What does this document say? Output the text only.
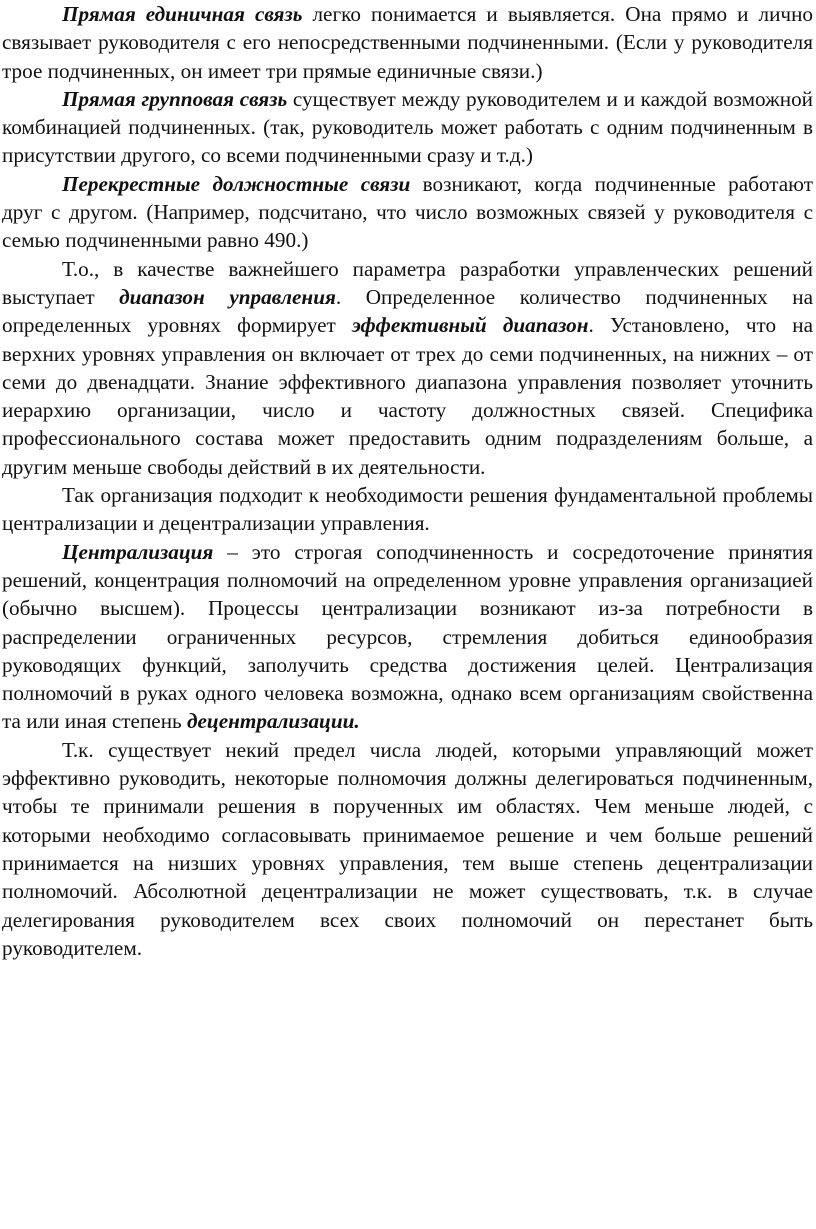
Прямая единичная связь легко понимается и выявляется. Она прямо и лично связывает руководителя с его непосредственными подчиненными. (Если у руководителя трое подчиненных, он имеет три прямые единичные связи.)

Прямая групповая связь существует между руководителем и и каждой возможной комбинацией подчиненных. (так, руководитель может работать с одним подчиненным в присутствии другого, со всеми подчиненными сразу и т.д.)

Перекрестные должностные связи возникают, когда подчиненные работают друг с другом. (Например, подсчитано, что число возможных связей у руководителя с семью подчиненными равно 490.)

Т.о., в качестве важнейшего параметра разработки управленческих решений выступает диапазон управления. Определенное количество подчиненных на определенных уровнях формирует эффективный диапазон. Установлено, что на верхних уровнях управления он включает от трех до семи подчиненных, на нижних – от семи до двенадцати. Знание эффективного диапазона управления позволяет уточнить иерархию организации, число и частоту должностных связей. Специфика профессионального состава может предоставить одним подразделениям больше, а другим меньше свободы действий в их деятельности.

Так организация подходит к необходимости решения фундаментальной проблемы централизации и децентрализации управления.

Централизация – это строгая соподчиненность и сосредоточение принятия решений, концентрация полномочий на определенном уровне управления организацией (обычно высшем). Процессы централизации возникают из-за потребности в распределении ограниченных ресурсов, стремления добиться единообразия руководящих функций, заполучить средства достижения целей. Централизация полномочий в руках одного человека возможна, однако всем организациям свойственна та или иная степень децентрализации.

Т.к. существует некий предел числа людей, которыми управляющий может эффективно руководить, некоторые полномочия должны делегироваться подчиненным, чтобы те принимали решения в порученных им областях. Чем меньше людей, с которыми необходимо согласовывать принимаемое решение и чем больше решений принимается на низших уровнях управления, тем выше степень децентрализации полномочий. Абсолютной децентрализации не может существовать, т.к. в случае делегирования руководителем всех своих полномочий он перестанет быть руководителем.
